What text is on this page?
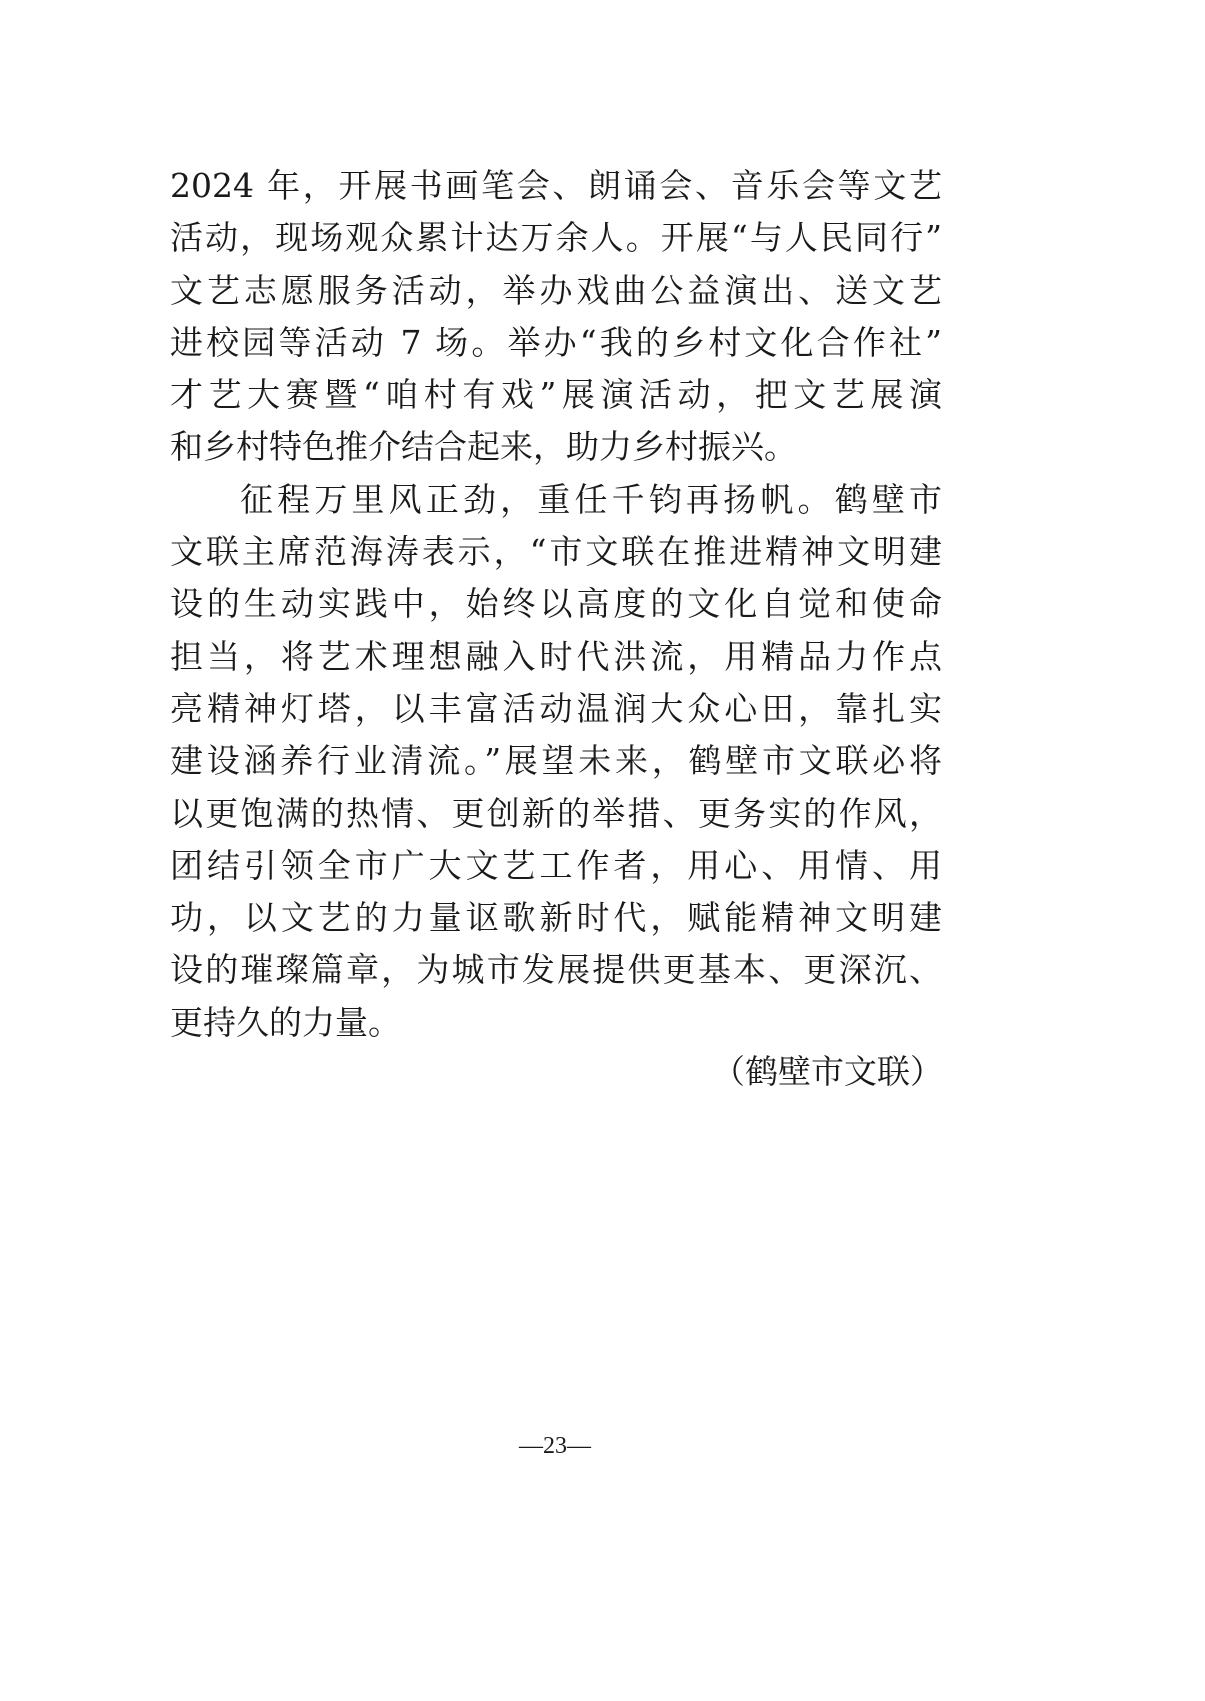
2024 年，开展书画笔会、朗诵会、音乐会等文艺
活动，现场观众累计达万余人。开展“与人民同行”
文艺志愿服务活动，举办戏曲公益演出、送文艺
进校园等活动 7 场。举办“我的乡村文化合作社”
才艺大赛暨“咱村有戏”展演活动，把文艺展演
和乡村特色推介结合起来，助力乡村振兴。
征程万里风正劲，重任千钧再扬帆。鹤壁市
文联主席范海涛表示，“市文联在推进精神文明建
设的生动实践中，始终以高度的文化自觉和使命
担当，将艺术理想融入时代洪流，用精品力作点
亮精神灯塔，以丰富活动温润大众心田，靠扎实
建设涵养行业清流。”展望未来，鹤壁市文联必将
以更饱满的热情、更创新的举措、更务实的作风，
团结引领全市广大文艺工作者，用心、用情、用
功，以文艺的力量讴歌新时代，赋能精神文明建
设的璀璨篇章，为城市发展提供更基本、更深沉、
更持久的力量。
（鹤壁市文联）
—23—
